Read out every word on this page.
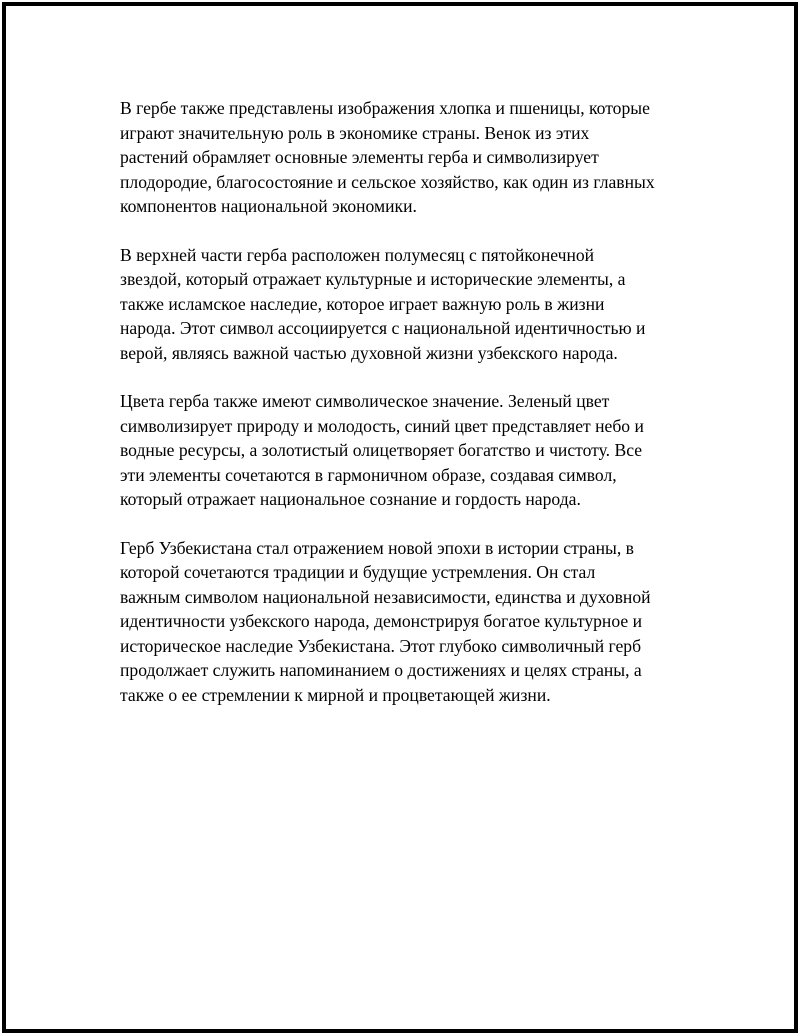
В гербе также представлены изображения хлопка и пшеницы, которые
играют значительную роль в экономике страны. Венок из этих
растений обрамляет основные элементы герба и символизирует
плодородие, благосостояние и сельское хозяйство, как один из главных
компонентов национальной экономики.

В верхней части герба расположен полумесяц с пятойконечной
звездой, который отражает культурные и исторические элементы, а
также исламское наследие, которое играет важную роль в жизни
народа. Этот символ ассоциируется с национальной идентичностью и
верой, являясь важной частью духовной жизни узбекского народа.

Цвета герба также имеют символическое значение. Зеленый цвет
символизирует природу и молодость, синий цвет представляет небо и
водные ресурсы, а золотистый олицетворяет богатство и чистоту. Все
эти элементы сочетаются в гармоничном образе, создавая символ,
который отражает национальное сознание и гордость народа.

Герб Узбекистана стал отражением новой эпохи в истории страны, в
которой сочетаются традиции и будущие устремления. Он стал
важным символом национальной независимости, единства и духовной
идентичности узбекского народа, демонстрируя богатое культурное и
историческое наследие Узбекистана. Этот глубоко символичный герб
продолжает служить напоминанием о достижениях и целях страны, а
также о ее стремлении к мирной и процветающей жизни.
